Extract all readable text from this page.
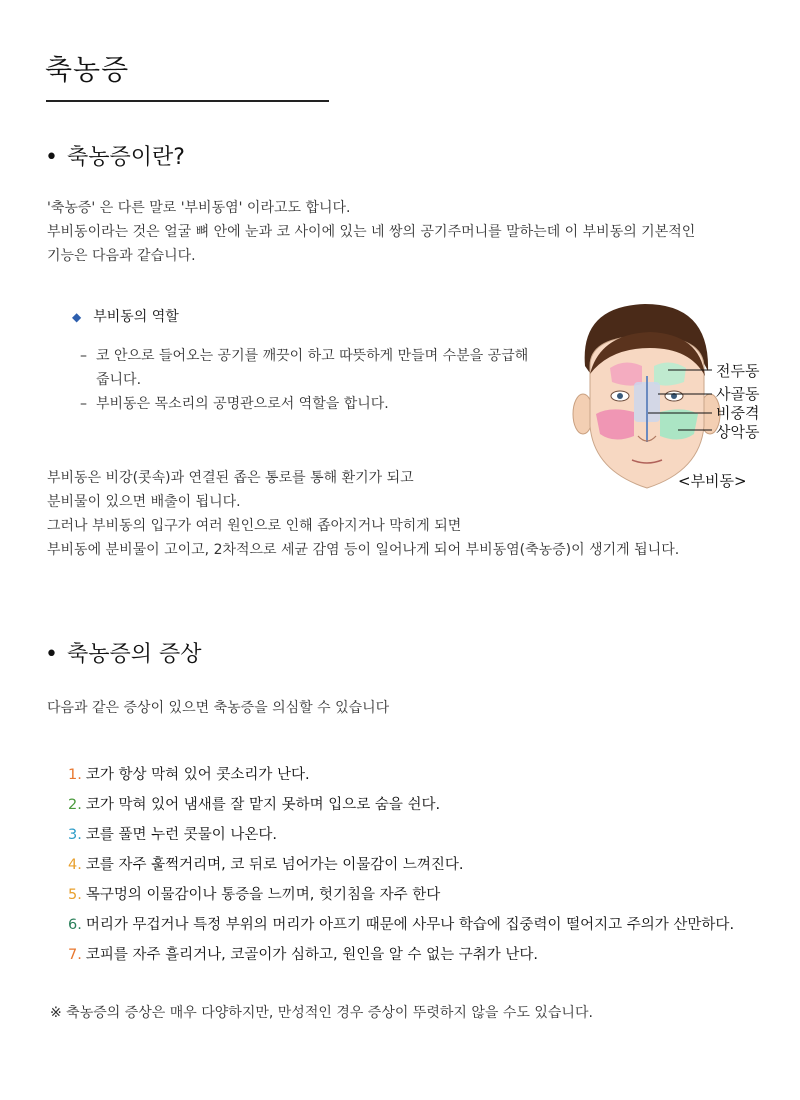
축농증
• 축농증이란?
'축농증' 은 다른 말로 '부비동염' 이라고도 합니다.
부비동이라는 것은 얼굴 뼈 안에 눈과 코 사이에 있는 네 쌍의 공기주머니를 말하는데 이 부비동의 기본적인
기능은 다음과 같습니다.
◆ 부비동의 역할
– 코 안으로 들어오는 공기를 깨끗이 하고 따뜻하게 만들며 수분을 공급해 줍니다.
– 부비동은 목소리의 공명관으로서 역할을 합니다.
부비동은 비강(콧속)과 연결된 좁은 통로를 통해 환기가 되고
분비물이 있으면 배출이 됩니다.
그러나 부비동의 입구가 여러 원인으로 인해 좁아지거나 막히게 되면
부비동에 분비물이 고이고, 2차적으로 세균 감염 등이 일어나게 되어 부비동염(축농증)이 생기게 됩니다.
전두동
사골동
비중격
상악동
<부비동>
• 축농증의 증상
다음과 같은 증상이 있으면 축농증을 의심할 수 있습니다
1. 코가 항상 막혀 있어 콧소리가 난다.
2. 코가 막혀 있어 냄새를 잘 맡지 못하며 입으로 숨을 쉰다.
3. 코를 풀면 누런 콧물이 나온다.
4. 코를 자주 훌쩍거리며, 코 뒤로 넘어가는 이물감이 느껴진다.
5. 목구멍의 이물감이나 통증을 느끼며, 헛기침을 자주 한다
6. 머리가 무겁거나 특정 부위의 머리가 아프기 때문에 사무나 학습에 집중력이 떨어지고 주의가 산만하다.
7. 코피를 자주 흘리거나, 코골이가 심하고, 원인을 알 수 없는 구취가 난다.
※ 축농증의 증상은 매우 다양하지만, 만성적인 경우 증상이 뚜렷하지 않을 수도 있습니다.
